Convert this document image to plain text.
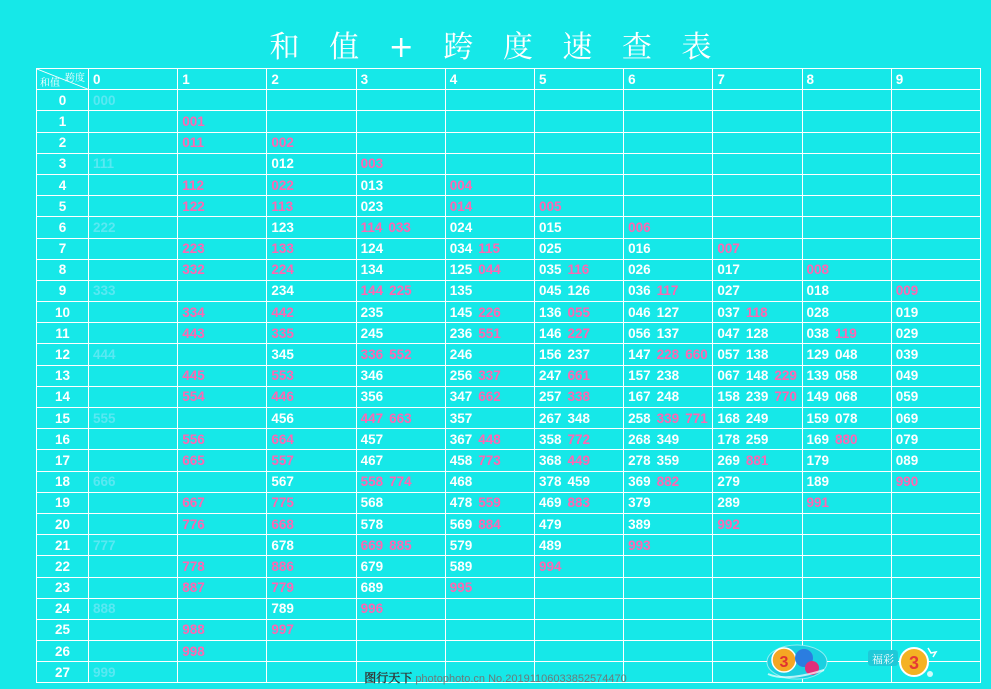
和 值 + 跨 度 速 查 表
跨度
和值	0	1	2	3	4	5	6	7	8	9
0	000									
1		001								
2		011	002							
3	111		012	003						
4		112	022	013	004					
5		122	113	023	014	005				
6	222		123	114 033	024	015	006			
7		223	133	124	034 115	025	016	007		
8		332	224	134	125 044	035 116	026	017	008	
9	333		234	144 225	135	045 126	036 117	027	018	009
10		334	442	235	145 226	136 055	046 127	037 118	028	019
11		443	335	245	236 551	146 227	056 137	047 128	038 119	029
12	444		345	336 552	246	156 237	147 228 660	057 138	129 048	039
13		445	553	346	256 337	247 661	157 238	067 148 229	139 058	049
14		554	446	356	347 662	257 338	167 248	158 239 770	149 068	059
15	555		456	447 663	357	267 348	258 339 771	168 249	159 078	069
16		556	664	457	367 448	358 772	268 349	178 259	169 880	079
17		665	557	467	458 773	368 449	278 359	269 881	179	089
18	666		567	558 774	468	378 459	369 882	279	189	990
19		667	775	568	478 559	469 883	379	289	991	
20		776	668	578	569 884	479	389	992		
21	777		678	669 885	579	489	993			
22		778	886	679	589	994				
23		887	779	689	995					
24	888		789	996						
25		988	997							
26		998								
27	999									
3	福彩 3
图行天下 photophoto.cn No.20191106033852574470
